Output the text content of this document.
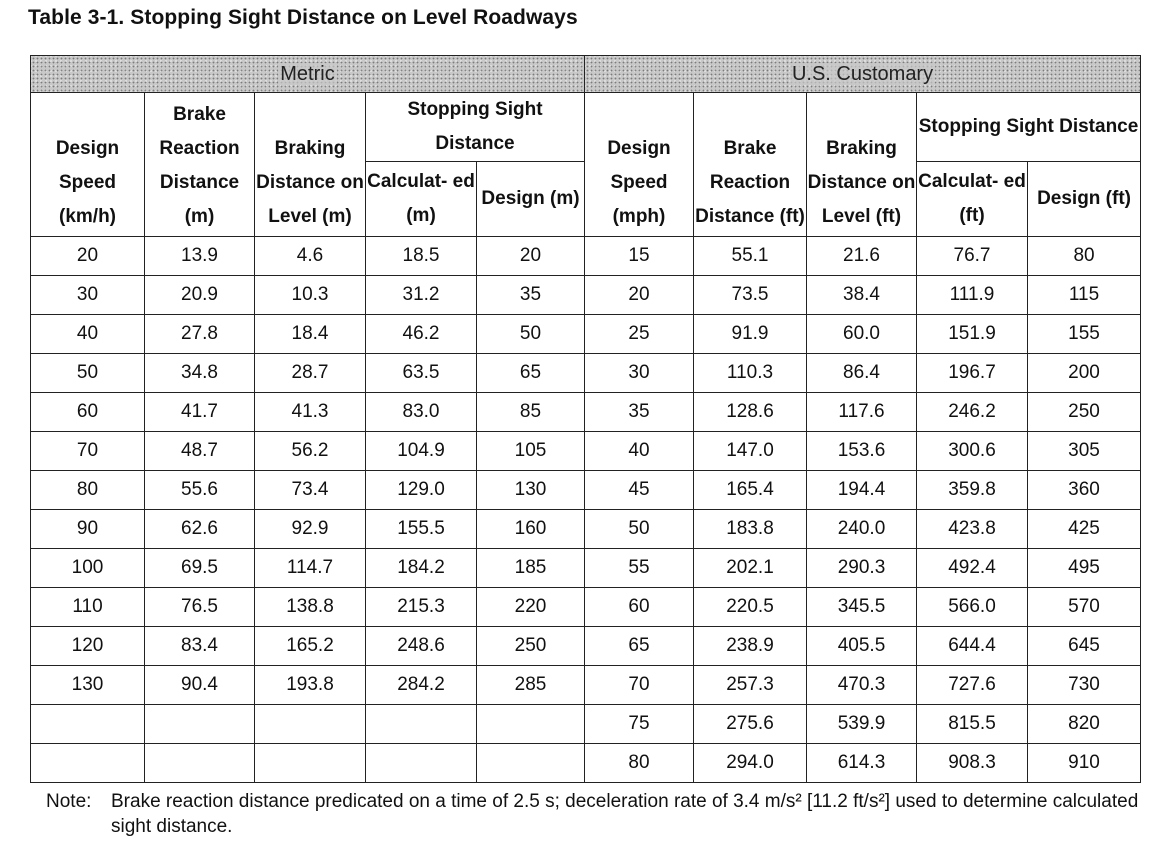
Table 3-1. Stopping Sight Distance on Level Roadways
Metric					U.S. Customary				
Design Speed (km/h)	Brake Reaction Distance (m)	Braking Distance on Level (m)	Stopping Sight Distance		Design Speed (mph)	Brake Reaction Distance (ft)	Braking Distance on Level (ft)	Stopping Sight Distance	
			Calculat- ed (m)	Design (m)				Calculat- ed (ft)	Design (ft)
20	13.9	4.6	18.5	20	15	55.1	21.6	76.7	80
30	20.9	10.3	31.2	35	20	73.5	38.4	111.9	115
40	27.8	18.4	46.2	50	25	91.9	60.0	151.9	155
50	34.8	28.7	63.5	65	30	110.3	86.4	196.7	200
60	41.7	41.3	83.0	85	35	128.6	117.6	246.2	250
70	48.7	56.2	104.9	105	40	147.0	153.6	300.6	305
80	55.6	73.4	129.0	130	45	165.4	194.4	359.8	360
90	62.6	92.9	155.5	160	50	183.8	240.0	423.8	425
100	69.5	114.7	184.2	185	55	202.1	290.3	492.4	495
110	76.5	138.8	215.3	220	60	220.5	345.5	566.0	570
120	83.4	165.2	248.6	250	65	238.9	405.5	644.4	645
130	90.4	193.8	284.2	285	70	257.3	470.3	727.6	730
					75	275.6	539.9	815.5	820
					80	294.0	614.3	908.3	910
Note: Brake reaction distance predicated on a time of 2.5 s; deceleration rate of 3.4 m/s² [11.2 ft/s²] used to determine calculated sight distance.
